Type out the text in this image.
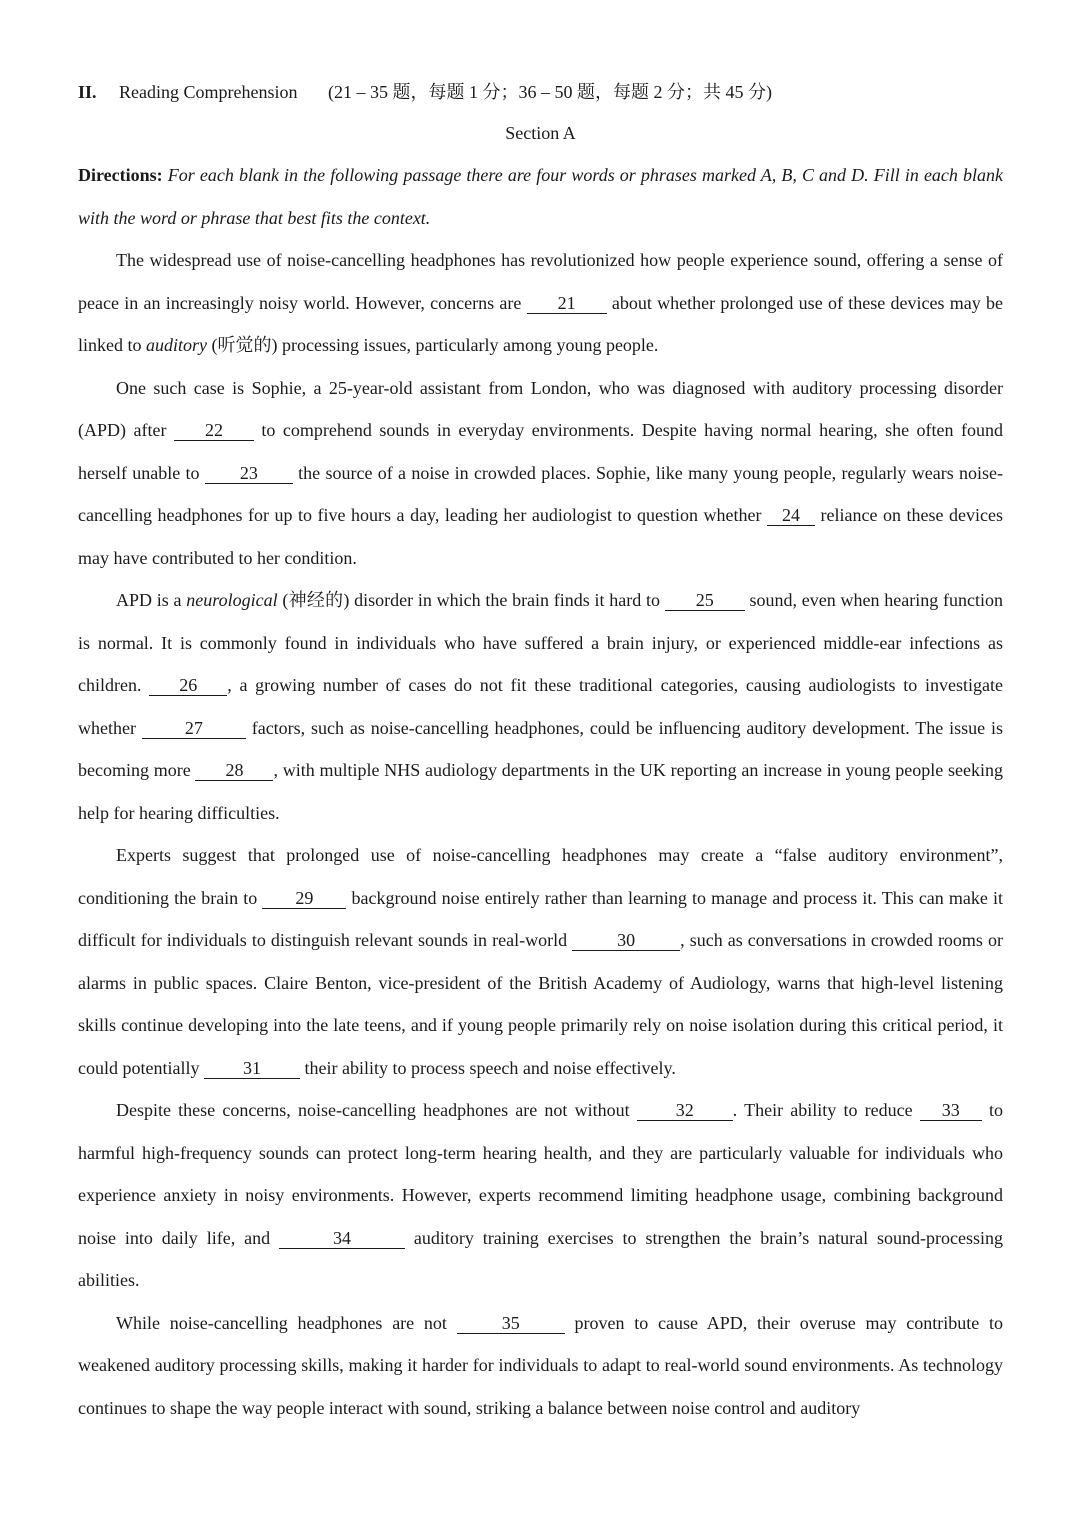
II. Reading Comprehension (21 – 35 题，每题 1 分；36 – 50 题，每题 2 分；共 45 分)
Section A

Directions: For each blank in the following passage there are four words or phrases marked A, B, C and D. Fill in each blank with the word or phrase that best fits the context.

The widespread use of noise-cancelling headphones has revolutionized how people experience sound, offering a sense of peace in an increasingly noisy world. However, concerns are 21 about whether prolonged use of these devices may be linked to auditory (听觉的) processing issues, particularly among young people.

One such case is Sophie, a 25-year-old assistant from London, who was diagnosed with auditory processing disorder (APD) after 22 to comprehend sounds in everyday environments. Despite having normal hearing, she often found herself unable to 23 the source of a noise in crowded places. Sophie, like many young people, regularly wears noise-cancelling headphones for up to five hours a day, leading her audiologist to question whether 24 reliance on these devices may have contributed to her condition.

APD is a neurological (神经的) disorder in which the brain finds it hard to 25 sound, even when hearing function is normal. It is commonly found in individuals who have suffered a brain injury, or experienced middle-ear infections as children. 26 , a growing number of cases do not fit these traditional categories, causing audiologists to investigate whether 27 factors, such as noise-cancelling headphones, could be influencing auditory development. The issue is becoming more 28 , with multiple NHS audiology departments in the UK reporting an increase in young people seeking help for hearing difficulties.

Experts suggest that prolonged use of noise-cancelling headphones may create a “false auditory environment”, conditioning the brain to 29 background noise entirely rather than learning to manage and process it. This can make it difficult for individuals to distinguish relevant sounds in real-world	30	, such as conversations in crowded rooms or alarms in public spaces. Claire Benton, vice-president of the British Academy of Audiology, warns that high-level listening skills continue developing into the late teens, and if young people primarily rely on noise isolation during this critical period, it could potentially 31 their ability to process speech and noise effectively.

Despite these concerns, noise-cancelling headphones are not without 32 . Their ability to reduce 33 to harmful high-frequency sounds can protect long-term hearing health, and they are particularly valuable for individuals who experience anxiety in noisy environments. However, experts recommend limiting headphone usage, combining background noise into daily life, and	34	auditory training exercises to strengthen the brain’s natural sound-processing abilities.

While noise-cancelling headphones are not	35	proven to cause APD, their overuse may contribute to weakened auditory processing skills, making it harder for individuals to adapt to real-world sound environments. As technology continues to shape the way people interact with sound, striking a balance between noise control and auditory
